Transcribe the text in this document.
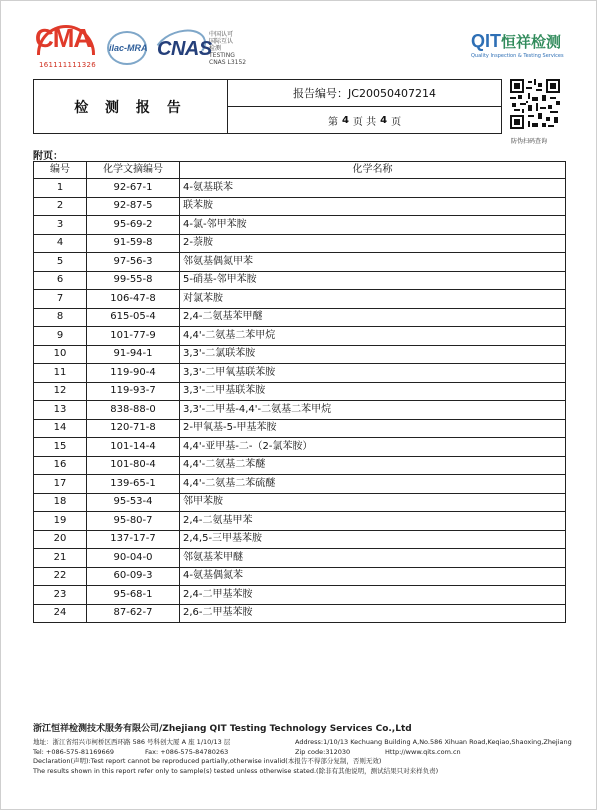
CMA
161111111326
ilac-MRA CNAS
中国认可
国际互认
检测
TESTING
CNAS L3152
QIT恒祥检测
Quality Inspection & Testing Services
检 测 报 告
报告编号： JC20050407214
第 4 页 共 4 页
防伪扫码查询
附页：
编号	化学文摘编号	化学名称
1	92-67-1	4-氨基联苯
2	92-87-5	联苯胺
3	95-69-2	4-氯-邻甲苯胺
4	91-59-8	2-萘胺
5	97-56-3	邻氨基偶氮甲苯
6	99-55-8	5-硝基-邻甲苯胺
7	106-47-8	对氯苯胺
8	615-05-4	2,4-二氨基苯甲醚
9	101-77-9	4,4'-二氨基二苯甲烷
10	91-94-1	3,3'-二氯联苯胺
11	119-90-4	3,3'-二甲氧基联苯胺
12	119-93-7	3,3'-二甲基联苯胺
13	838-88-0	3,3'-二甲基-4,4'-二氨基二苯甲烷
14	120-71-8	2-甲氧基-5-甲基苯胺
15	101-14-4	4,4'-亚甲基-二-（2-氯苯胺）
16	101-80-4	4,4'-二氨基二苯醚
17	139-65-1	4,4'-二氨基二苯硫醚
18	95-53-4	邻甲苯胺
19	95-80-7	2,4-二氨基甲苯
20	137-17-7	2,4,5-三甲基苯胺
21	90-04-0	邻氨基苯甲醚
22	60-09-3	4-氨基偶氮苯
23	95-68-1	2,4-二甲基苯胺
24	87-62-7	2,6-二甲基苯胺
浙江恒祥检测技术服务有限公司/Zhejiang QIT Testing Technology Services Co.,Ltd
地址：浙江省绍兴市柯桥区西环路 586 号科创大厦 A 座 1/10/13 层	Address:1/10/13 Kechuang Building A,No.586 Xihuan Road,Keqiao,Shaoxing,Zhejiang
Tel: +086-575-81169669	Fax: +086-575-84780263	Zip code:312030	Http://www.qits.com.cn
Declaration(声明):Test report cannot be reproduced partially,otherwise invalid(本报告不得部分复制，否则无效)
The results shown in this report refer only to sample(s) tested unless otherwise stated.(除非有其他说明，测试结果只对来样负责)
